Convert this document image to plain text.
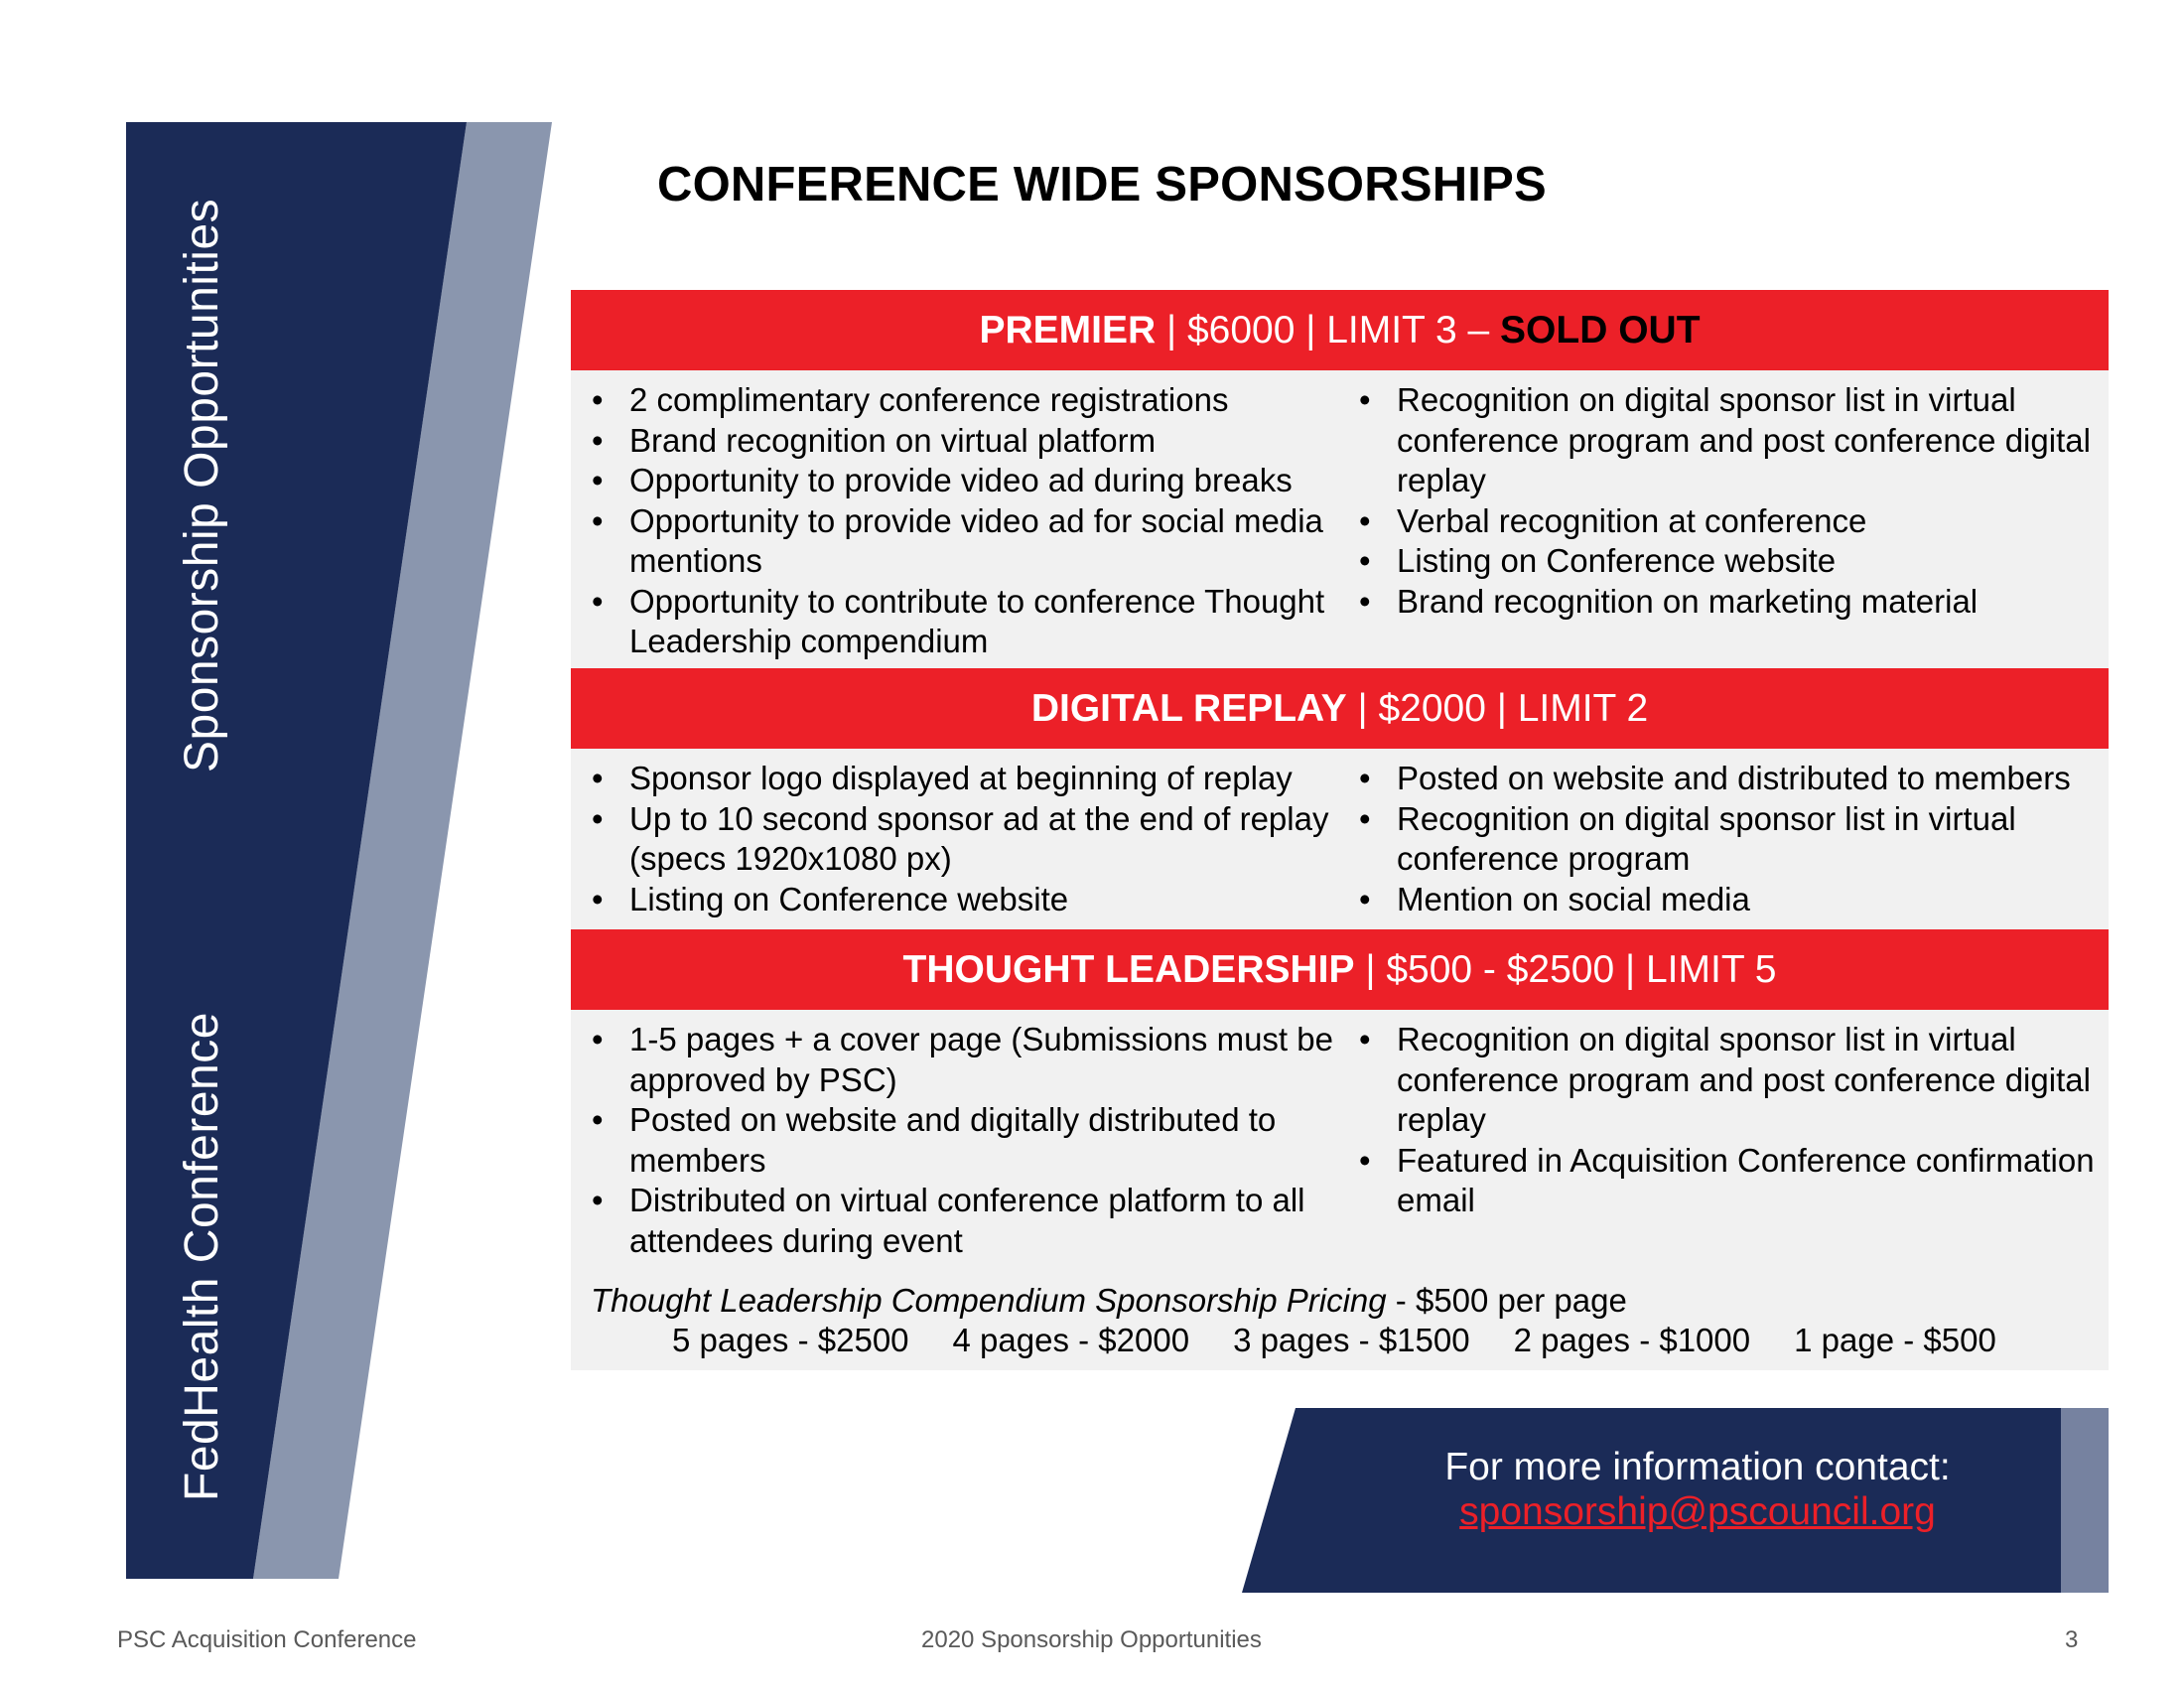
Sponsorship Opportunities
FedHealth Conference
CONFERENCE WIDE SPONSORSHIPS
PREMIER | $6000 | LIMIT 3 – SOLD OUT
• 2 complimentary conference registrations
• Brand recognition on virtual platform
• Opportunity to provide video ad during breaks
• Opportunity to provide video ad for social media mentions
• Opportunity to contribute to conference Thought Leadership compendium
• Recognition on digital sponsor list in virtual conference program and post conference digital replay
• Verbal recognition at conference
• Listing on Conference website
• Brand recognition on marketing material
DIGITAL REPLAY | $2000 | LIMIT 2
• Sponsor logo displayed at beginning of replay
• Up to 10 second sponsor ad at the end of replay (specs 1920x1080 px)
• Listing on Conference website
• Posted on website and distributed to members
• Recognition on digital sponsor list in virtual conference program
• Mention on social media
THOUGHT LEADERSHIP | $500 - $2500 | LIMIT 5
• 1-5 pages + a cover page (Submissions must be approved by PSC)
• Posted on website and digitally distributed to members
• Distributed on virtual conference platform to all attendees during event
• Recognition on digital sponsor list in virtual conference program and post conference digital replay
• Featured in Acquisition Conference confirmation email
Thought Leadership Compendium Sponsorship Pricing - $500 per page
5 pages - $2500 4 pages - $2000 3 pages - $1500 2 pages - $1000 1 page - $500
For more information contact:
sponsorship@pscouncil.org
PSC Acquisition Conference	2020 Sponsorship Opportunities	3
